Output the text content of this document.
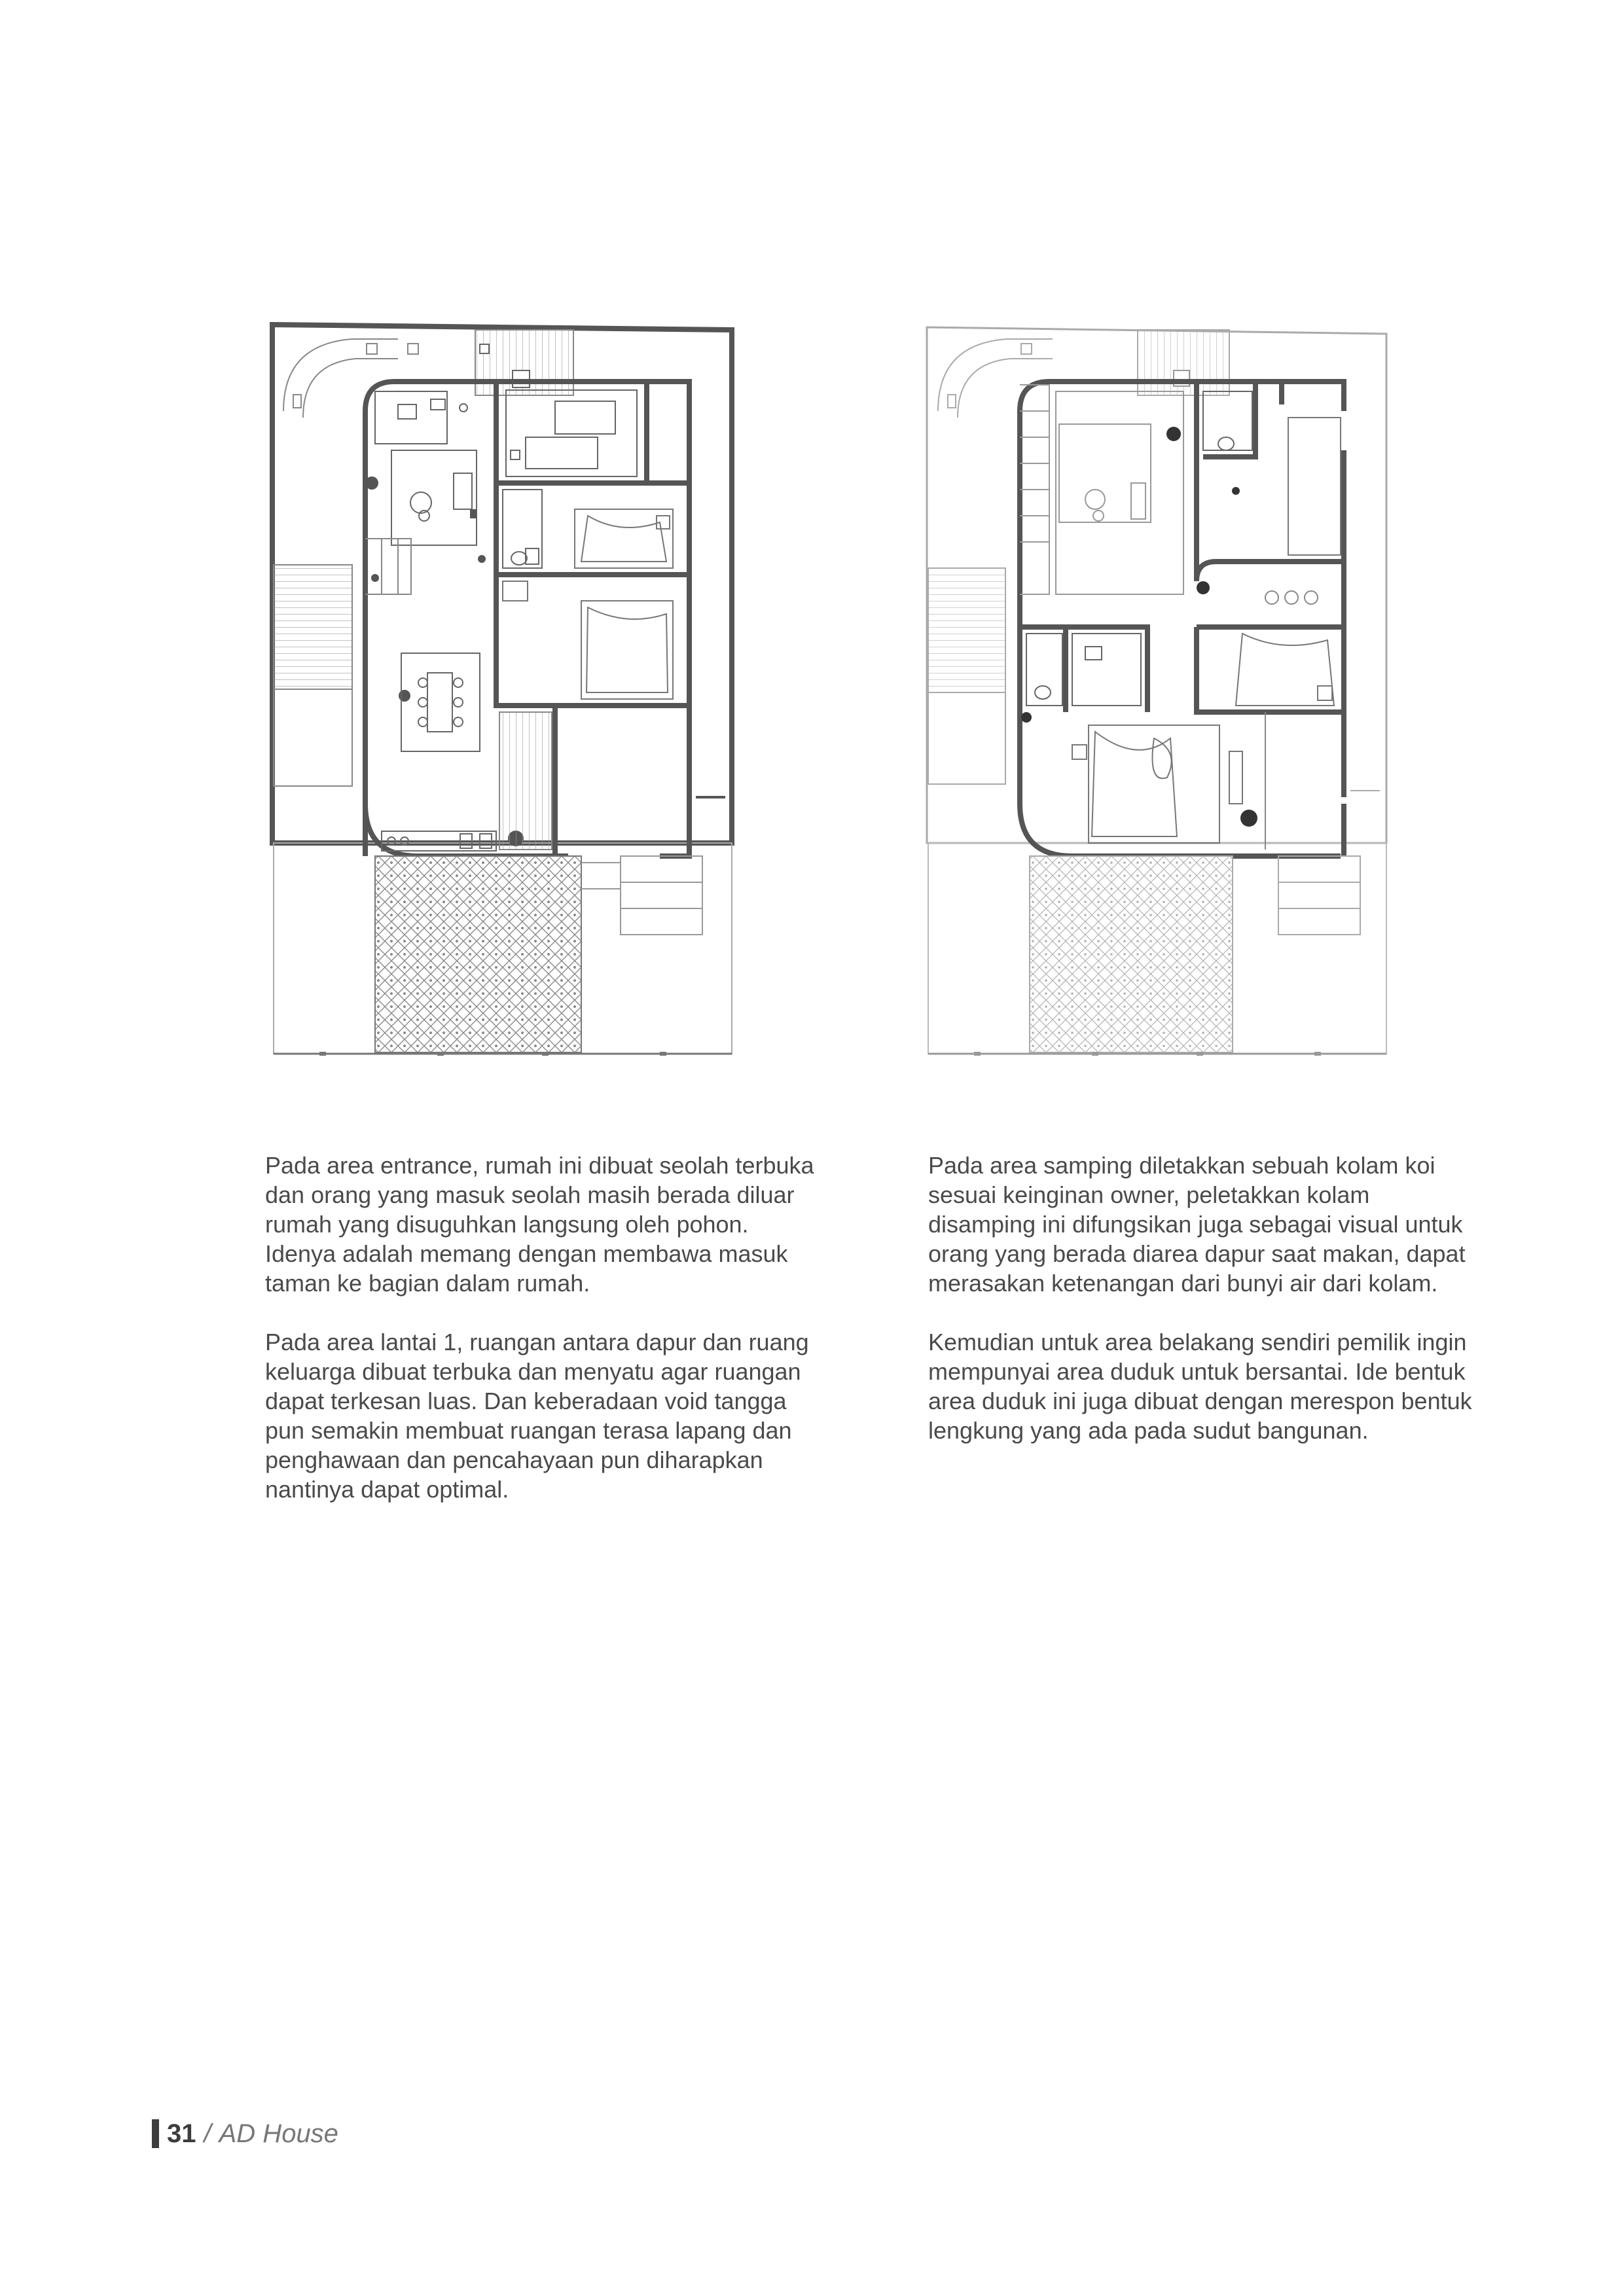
Pada area entrance, rumah ini dibuat seolah terbuka dan orang yang masuk seolah masih berada diluar rumah yang disuguhkan langsung oleh pohon. Idenya adalah memang dengan membawa masuk taman ke bagian dalam rumah.

Pada area lantai 1, ruangan antara dapur dan ruang keluarga dibuat terbuka dan menyatu agar ruangan dapat terkesan luas. Dan keberadaan void tangga pun semakin membuat ruangan terasa lapang dan penghawaan dan pencahayaan pun diharapkan nantinya dapat optimal.

Pada area samping diletakkan sebuah kolam koi sesuai keinginan owner, peletakkan kolam disamping ini difungsikan juga sebagai visual untuk orang yang berada diarea dapur saat makan, dapat merasakan ketenangan dari bunyi air dari kolam.

Kemudian untuk area belakang sendiri pemilik ingin mempunyai area duduk untuk bersantai. Ide bentuk area duduk ini juga dibuat dengan merespon bentuk lengkung yang ada pada sudut bangunan.

31 / AD House
